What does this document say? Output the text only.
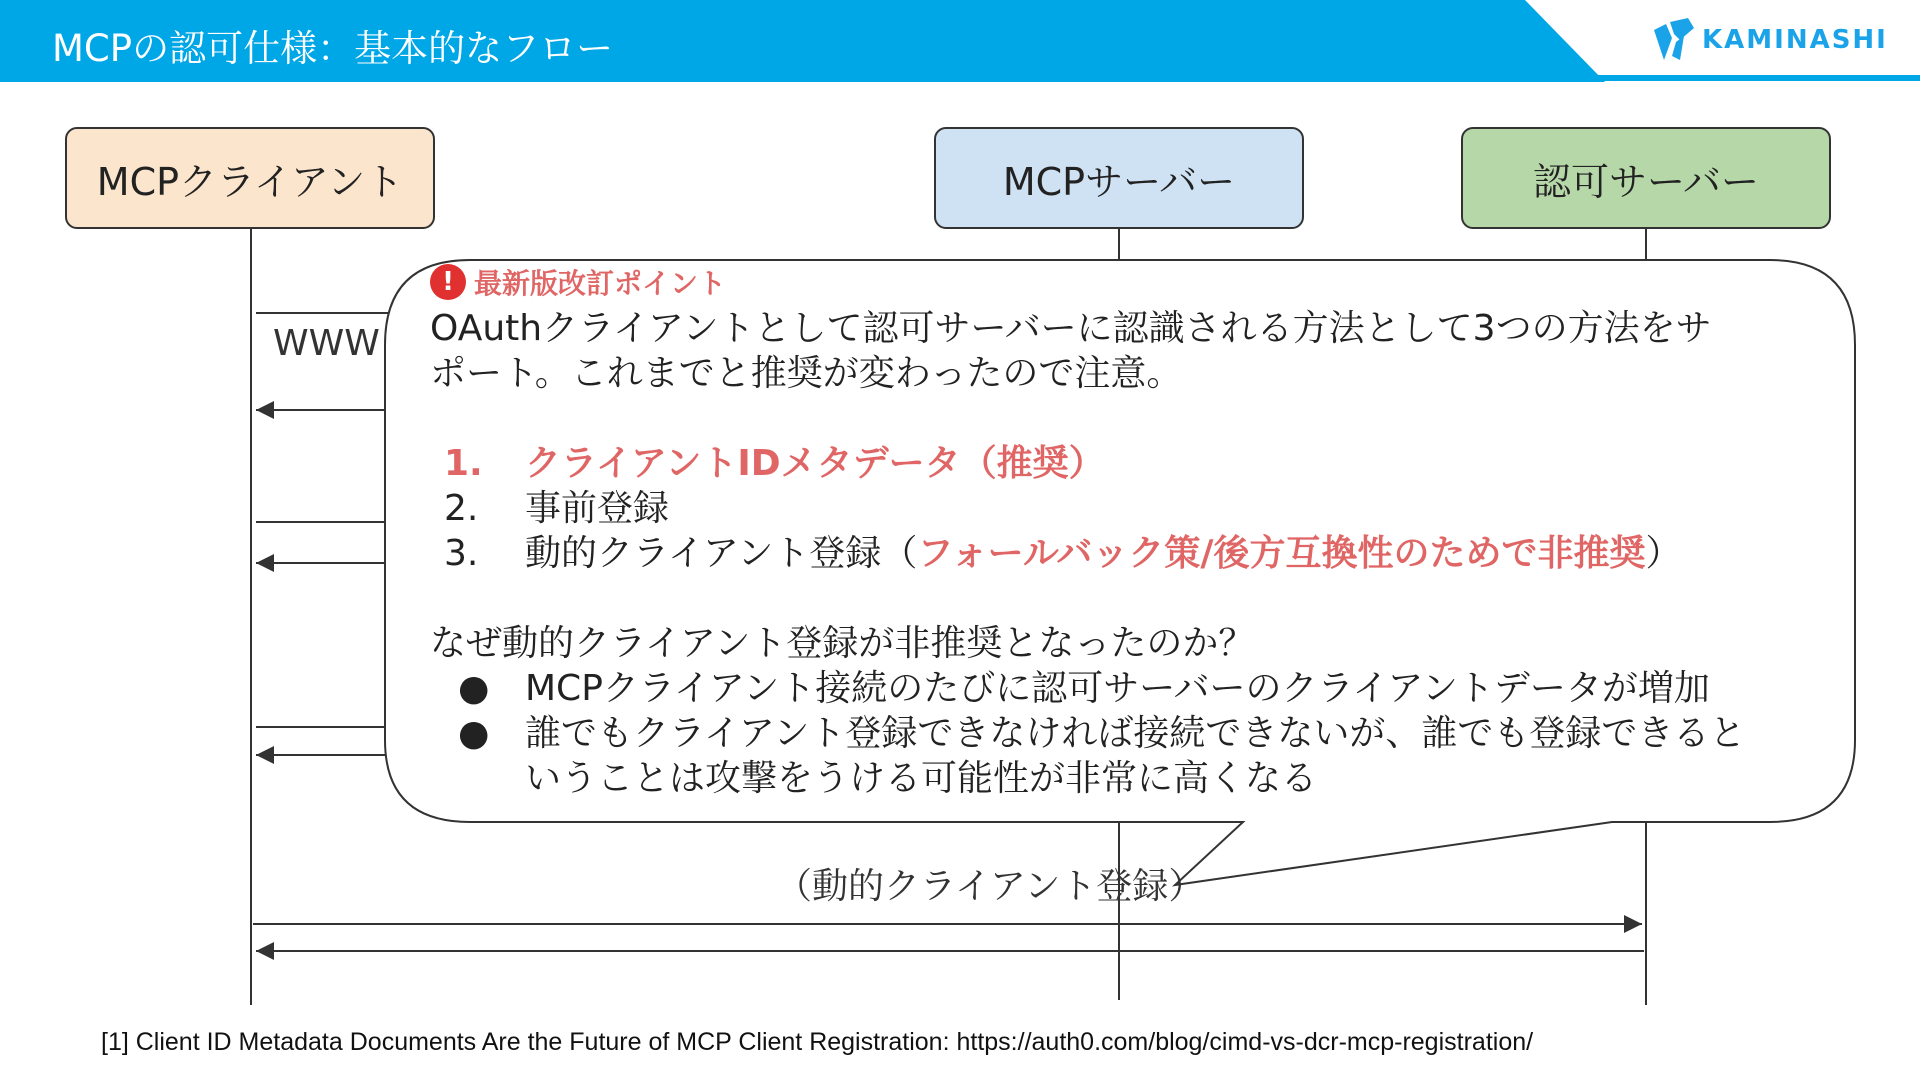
MCPの認可仕様：基本的なフロー	KAMINASHI
MCPクライアント	MCPサーバー	認可サーバー
WWW
（動的クライアント登録）
! 最新版改訂ポイント
OAuthクライアントとして認可サーバーに認識される方法として3つの方法をサ
ポート。これまでと推奨が変わったので注意。
1.	クライアントIDメタデータ（推奨）
2.	事前登録
3.	動的クライアント登録（ フォールバック策/後方互換性のためで非推奨 ）
なぜ動的クライアント登録が非推奨となったのか？
● MCPクライアント接続のたびに認可サーバーのクライアントデータが増加
● 誰でもクライアント登録できなければ接続できないが、誰でも登録できると
いうことは攻撃をうける可能性が非常に高くなる
[1] Client ID Metadata Documents Are the Future of MCP Client Registration: https://auth0.com/blog/cimd-vs-dcr-mcp-registration/
